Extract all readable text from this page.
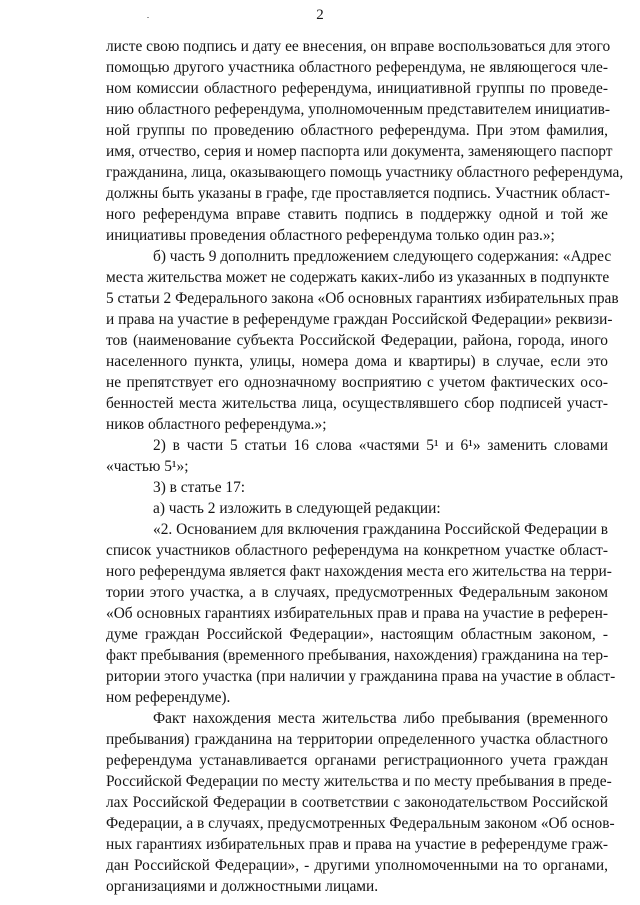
2
листе свою подпись и дату ее внесения, он вправе воспользоваться для этого
помощью другого участника областного референдума, не являющегося чле-
ном комиссии областного референдума, инициативной группы по проведе-
нию областного референдума, уполномоченным представителем инициатив-
ной группы по проведению областного референдума. При этом фамилия,
имя, отчество, серия и номер паспорта или документа, заменяющего паспорт
гражданина, лица, оказывающего помощь участнику областного референдума,
должны быть указаны в графе, где проставляется подпись. Участник област-
ного референдума вправе ставить подпись в поддержку одной и той же
инициативы проведения областного референдума только один раз.»;
б) часть 9 дополнить предложением следующего содержания: «Адрес
места жительства может не содержать каких-либо из указанных в подпункте
5 статьи 2 Федерального закона «Об основных гарантиях избирательных прав
и права на участие в референдуме граждан Российской Федерации» реквизи-
тов (наименование субъекта Российской Федерации, района, города, иного
населенного пункта, улицы, номера дома и квартиры) в случае, если это
не препятствует его однозначному восприятию с учетом фактических осо-
бенностей места жительства лица, осуществлявшего сбор подписей участ-
ников областного референдума.»;
2) в части 5 статьи 16 слова «частями 5¹ и 6¹» заменить словами
«частью 5¹»;
3) в статье 17:
а) часть 2 изложить в следующей редакции:
«2. Основанием для включения гражданина Российской Федерации в
список участников областного референдума на конкретном участке област-
ного референдума является факт нахождения места его жительства на терри-
тории этого участка, а в случаях, предусмотренных Федеральным законом
«Об основных гарантиях избирательных прав и права на участие в референ-
думе граждан Российской Федерации», настоящим областным законом, -
факт пребывания (временного пребывания, нахождения) гражданина на тер-
ритории этого участка (при наличии у гражданина права на участие в област-
ном референдуме).
Факт нахождения места жительства либо пребывания (временного
пребывания) гражданина на территории определенного участка областного
референдума устанавливается органами регистрационного учета граждан
Российской Федерации по месту жительства и по месту пребывания в преде-
лах Российской Федерации в соответствии с законодательством Российской
Федерации, а в случаях, предусмотренных Федеральным законом «Об основ-
ных гарантиях избирательных прав и права на участие в референдуме граж-
дан Российской Федерации», - другими уполномоченными на то органами,
организациями и должностными лицами.
